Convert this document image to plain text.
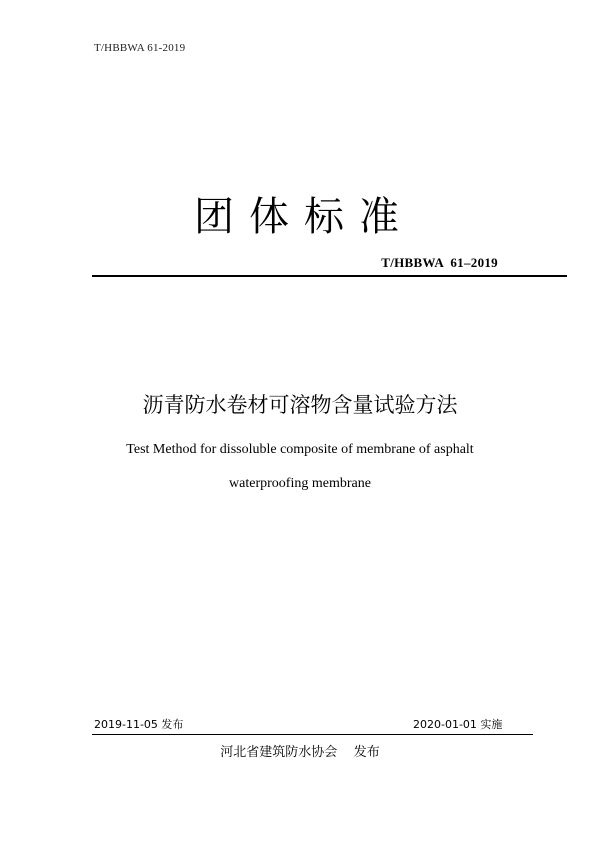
T/HBBWA 61-2019
团体标准
T/HBBWA  61–2019
沥青防水卷材可溶物含量试验方法
Test Method for dissoluble composite of membrane of asphalt
waterproofing membrane
2019-11-05 发布	2020-01-01 实施
河北省建筑防水协会    发布
